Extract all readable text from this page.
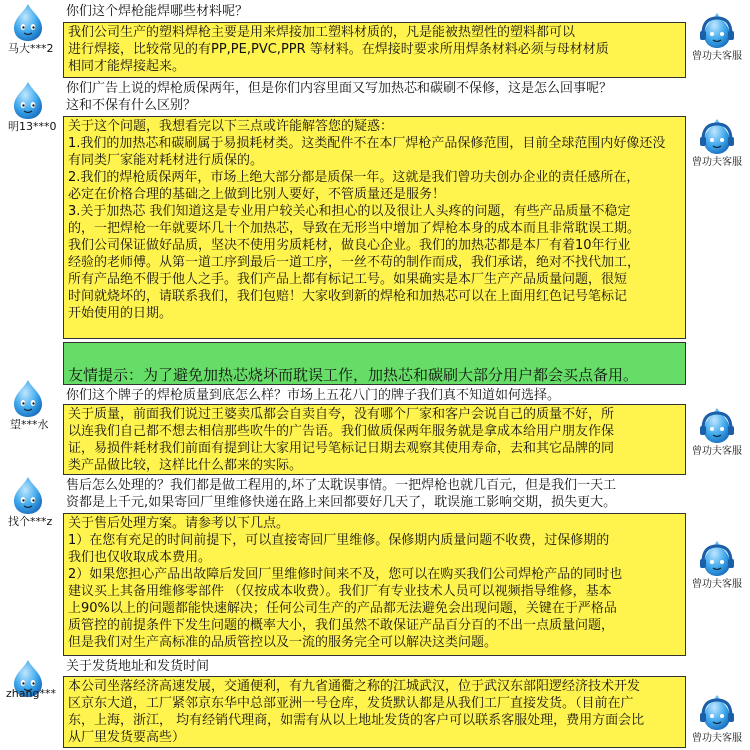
马大***2
你们这个焊枪能焊哪些材料呢？
我们公司生产的塑料焊枪主要是用来焊接加工塑料材质的，凡是能被热塑性的塑料都可以
进行焊接，比较常见的有PP,PE,PVC,PPR 等材料。在焊接时要求所用焊条材料必须与母材材质
相同才能焊接起来。
曾功夫客服
明13***0
你们广告上说的焊枪质保两年，但是你们内容里面又写加热芯和碳刷不保修，这是怎么回事呢？
这和不保有什么区别？
关于这个问题，我想看完以下三点或许能解答您的疑惑：
1.我们的加热芯和碳刷属于易损耗材类。这类配件不在本厂焊枪产品保修范围，目前全球范围内好像还没
有同类厂家能对耗材进行质保的。
2.我们的焊枪质保两年，市场上绝大部分都是质保一年。这就是我们曾功夫创办企业的责任感所在，
必定在价格合理的基础之上做到比别人要好，不管质量还是服务！
3.关于加热芯 我们知道这是专业用户较关心和担心的以及很让人头疼的问题，有些产品质量不稳定
的，一把焊枪一年就要坏几十个加热芯，导致在无形当中增加了焊枪本身的成本而且非常耽误工期。
我们公司保证做好品质，坚决不使用劣质耗材，做良心企业。我们的加热芯都是本厂有着10年行业
经验的老师傅。从第一道工序到最后一道工序，一丝不苟的制作而成，我们承诺，绝对不找代加工，
所有产品绝不假于他人之手。我们产品上都有标记工号。如果确实是本厂生产产品质量问题，很短
时间就烧坏的，请联系我们，我们包赔！大家收到新的焊枪和加热芯可以在上面用红色记号笔标记
开始使用的日期。
曾功夫客服

友情提示：为了避免加热芯烧坏而耽误工作，加热芯和碳刷大部分用户都会买点备用。

望***水
你们这个牌子的焊枪质量到底怎么样？市场上五花八门的牌子我们真不知道如何选择。
关于质量，前面我们说过王婆卖瓜都会自卖自夸，没有哪个厂家和客户会说自己的质量不好，所
以连我们自己都不想去相信那些吹牛的广告语。我们做质保两年服务就是拿成本给用户朋友作保
证，易损件耗材我们前面有提到让大家用记号笔标记日期去观察其使用寿命，去和其它品牌的同
类产品做比较，这样比什么都来的实际。
曾功夫客服
找个***z
售后怎么处理的？我们都是做工程用的,坏了太耽误事情。一把焊枪也就几百元，但是我们一天工
资都是上千元,如果寄回厂里维修快递在路上来回都要好几天了，耽误施工影响交期，损失更大。
关于售后处理方案。请参考以下几点。
1）在您有充足的时间前提下，可以直接寄回厂里维修。保修期内质量问题不收费，过保修期的
我们也仅收取成本费用。
2）如果您担心产品出故障后发回厂里维修时间来不及，您可以在购买我们公司焊枪产品的同时也
建议买上其备用维修零部件 （仅按成本收费）。我们厂有专业技术人员可以视频指导维修，基本
上90%以上的问题都能快速解决；任何公司生产的产品都无法避免会出现问题，关键在于严格品
质管控的前提条件下发生问题的概率大小，我们虽然不敢保证产品百分百的不出一点质量问题，
但是我们对生产高标准的品质管控以及一流的服务完全可以解决这类问题。
曾功夫客服
zhang***
关于发货地址和发货时间
本公司坐落经济高速发展，交通便利，有九省通衢之称的江城武汉，位于武汉东部阳逻经济技术开发
区京东大道，工厂紧邻京东华中总部亚洲一号仓库，发货默认都是从我们工厂直接发货。（目前在广
东，上海，浙江， 均有经销代理商，如需有从以上地址发货的客户可以联系客服处理，费用方面会比
从厂里发货要高些）	曾功夫客服
